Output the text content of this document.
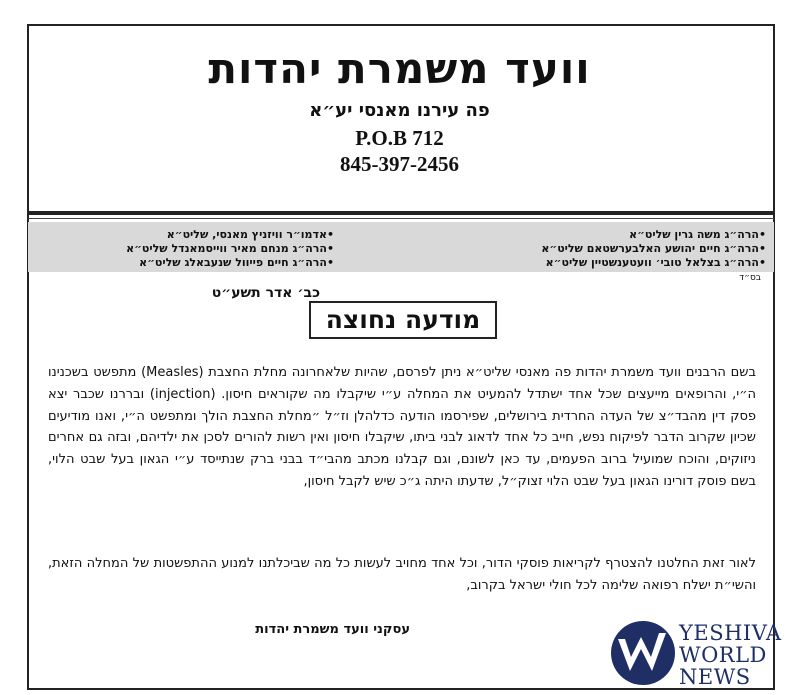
וועד משמרת יהדות
פה עירנו מאנסי יע״א
P.O.B 712
845-397-2456
•הרה״ג משה גרין שליט״א
•הרה״ג חיים יהושע האלבערשטאם שליט״א
•הרה״ג בצלאל טובי׳ וועטענשטיין שליט״א
•אדמו״ר וויזניץ מאנסי, שליט״א
•הרה״ג מנחם מאיר ווייסמאנדל שליט״א
•הרה״ג חיים פייוול שנעבאלג שליט״א
בס״ד
כב׳ אדר תשע״ט
מודעה נחוצה
בשם הרבנים וועד משמרת יהדות פה מאנסי שליט״א ניתן לפרסם, שהיות שלאחרונה מחלת החצבת (Measles) מתפשט בשכנינו ה״י, והרופאים מייעצים שכל אחד ישתדל להמעיט את המחלה ע״י שיקבלו מה שקוראים חיסון. (injection) ובררנו שכבר יצא פסק דין מהבד״צ של העדה החרדית בירושלים, שפירסמו הודעה כדלהלן וז״ל ״מחלת החצבת הולך ומתפשט ה״י, ואנו מודיעים שכיון שקרוב הדבר לפיקוח נפש, חייב כל אחד לדאוג לבני ביתו, שיקבלו חיסון ואין רשות להורים לסכן את ילדיהם, ובזה גם אחרים ניזוקים, והוכח שמועיל ברוב הפעמים, עד כאן לשונם, וגם קבלנו מכתב מהבי״ד בבני ברק שנתייסד ע״י הגאון בעל שבט הלוי, בשם פוסק דורינו הגאון בעל שבט הלוי זצוק״ל, שדעתו היתה ג״כ שיש לקבל חיסון,
לאור זאת החלטנו להצטרף לקריאות פוסקי הדור, וכל אחד מחויב לעשות כל מה שביכלתנו למנוע ההתפשטות של המחלה הזאת, והשי״ת ישלח רפואה שלימה לכל חולי ישראל בקרוב,
עסקני וועד משמרת יהדות	YESHIVA
WORLD
NEWS
